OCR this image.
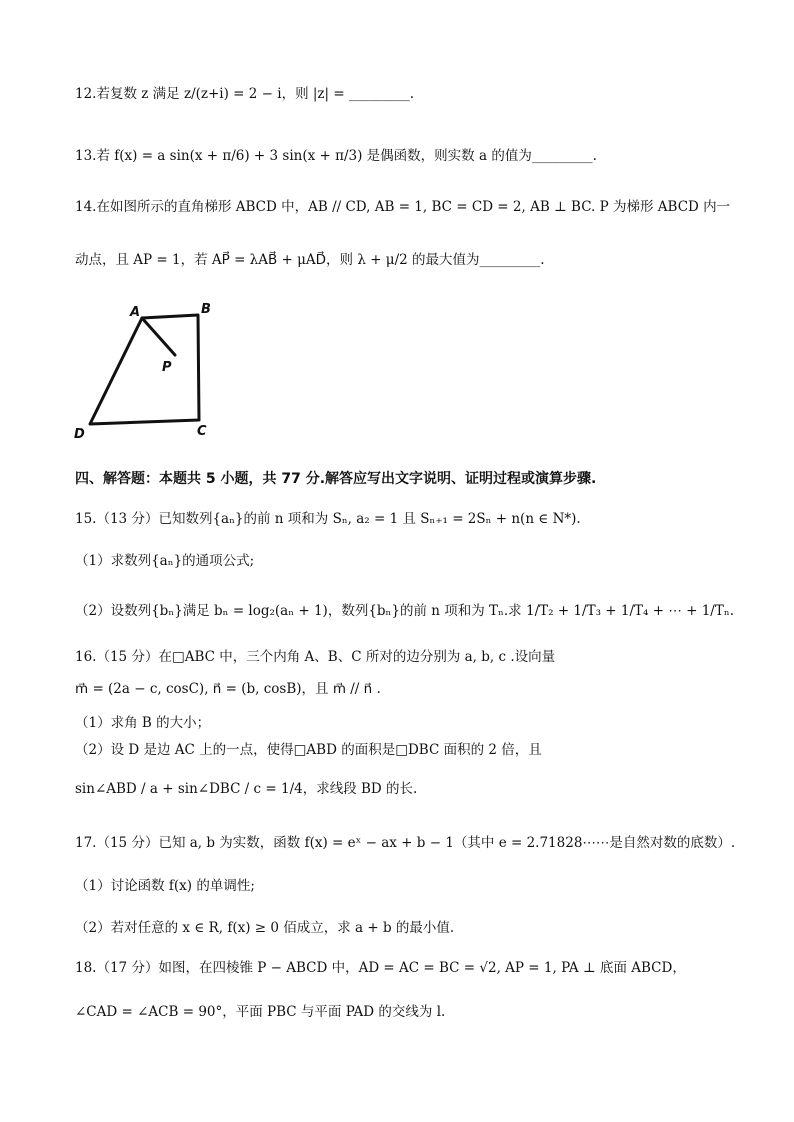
12.若复数 z 满足 z/(z+i) = 2 − i，则 |z| = _________.
13.若 f(x) = a sin(x + π/6) + 3 sin(x + π/3) 是偶函数，则实数 a 的值为_________.
14.在如图所示的直角梯形 ABCD 中，AB // CD, AB = 1, BC = CD = 2, AB ⊥ BC. P 为梯形 ABCD 内一
动点，且 AP = 1，若 AP⃗ = λAB⃗ + μAD⃗，则 λ + μ/2 的最大值为_________.
A	B
C
D
P
四、解答题：本题共 5 小题，共 77 分.解答应写出文字说明、证明过程或演算步骤.
15.（13 分）已知数列{aₙ}的前 n 项和为 Sₙ, a₂ = 1 且 Sₙ₊₁ = 2Sₙ + n(n ∈ N*).
（1）求数列{aₙ}的通项公式;
（2）设数列{bₙ}满足 bₙ = log₂(aₙ + 1)，数列{bₙ}的前 n 项和为 Tₙ.求 1/T₂ + 1/T₃ + 1/T₄ + ⋯ + 1/Tₙ.
16.（15 分）在□ABC 中，三个内角 A、B、C 所对的边分别为 a, b, c .设向量
m⃗ = (2a − c, cosC), n⃗ = (b, cosB)，且 m⃗ // n⃗ .
（1）求角 B 的大小；
（2）设 D 是边 AC 上的一点，使得□ABD 的面积是□DBC 面积的 2 倍，且
sin∠ABD / a + sin∠DBC / c = 1/4，求线段 BD 的长.
17.（15 分）已知 a, b 为实数，函数 f(x) = eˣ − ax + b − 1（其中 e = 2.71828⋯⋯是自然对数的底数）.
（1）讨论函数 f(x) 的单调性;
（2）若对任意的 x ∈ R, f(x) ≥ 0 佰成立，求 a + b 的最小值.
18.（17 分）如图，在四棱锥 P − ABCD 中，AD = AC = BC = √2, AP = 1, PA ⊥ 底面 ABCD，
∠CAD = ∠ACB = 90°，平面 PBC 与平面 PAD 的交线为 l.
